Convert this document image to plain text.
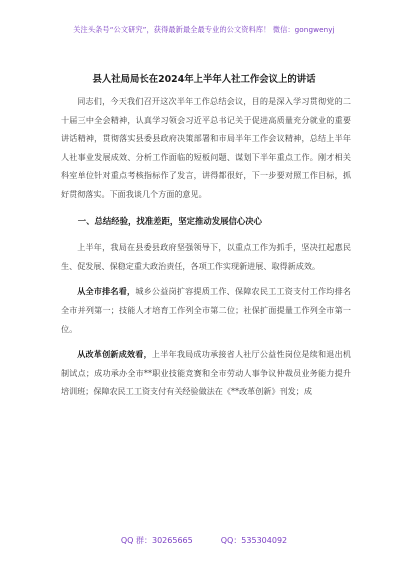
关注头条号“公文研究”，获得最新最全最专业的公文资料库！ 微信：gongwenyj
县人社局局长在2024年上半年人社工作会议上的讲话

同志们，今天我们召开这次半年工作总结会议，目的是深入学习贯彻党的二十届三中全会精神，认真学习领会习近平总书记关于促进高质量充分就业的重要讲话精神，贯彻落实县委县政府决策部署和市局半年工作会议精神，总结上半年人社事业发展成效、分析工作面临的短板问题、谋划下半年重点工作。刚才相关科室单位针对重点考核指标作了发言，讲得都很好，下一步要对照工作目标，抓好贯彻落实。下面我谈几个方面的意见。

一、总结经验，找准差距，坚定推动发展信心决心

上半年，我局在县委县政府坚强领导下，以重点工作为抓手，坚决扛起惠民生、促发展、保稳定重大政治责任，各项工作实现新进展、取得新成效。

从全市排名看，城乡公益岗扩容提质工作、保障农民工工资支付工作均排名全市并列第一；技能人才培育工作列全市第二位；社保扩面提量工作列全市第一位。

从改革创新成效看，上半年我局成功承接省人社厅公益性岗位是续和退出机制试点；成功承办全市**职业技能竞赛和全市劳动人事争议仲裁员业务能力提升培训班；保障农民工工资支付有关经验做法在《**改革创新》刊发；成

QQ 群：30265665	QQ：535304092
